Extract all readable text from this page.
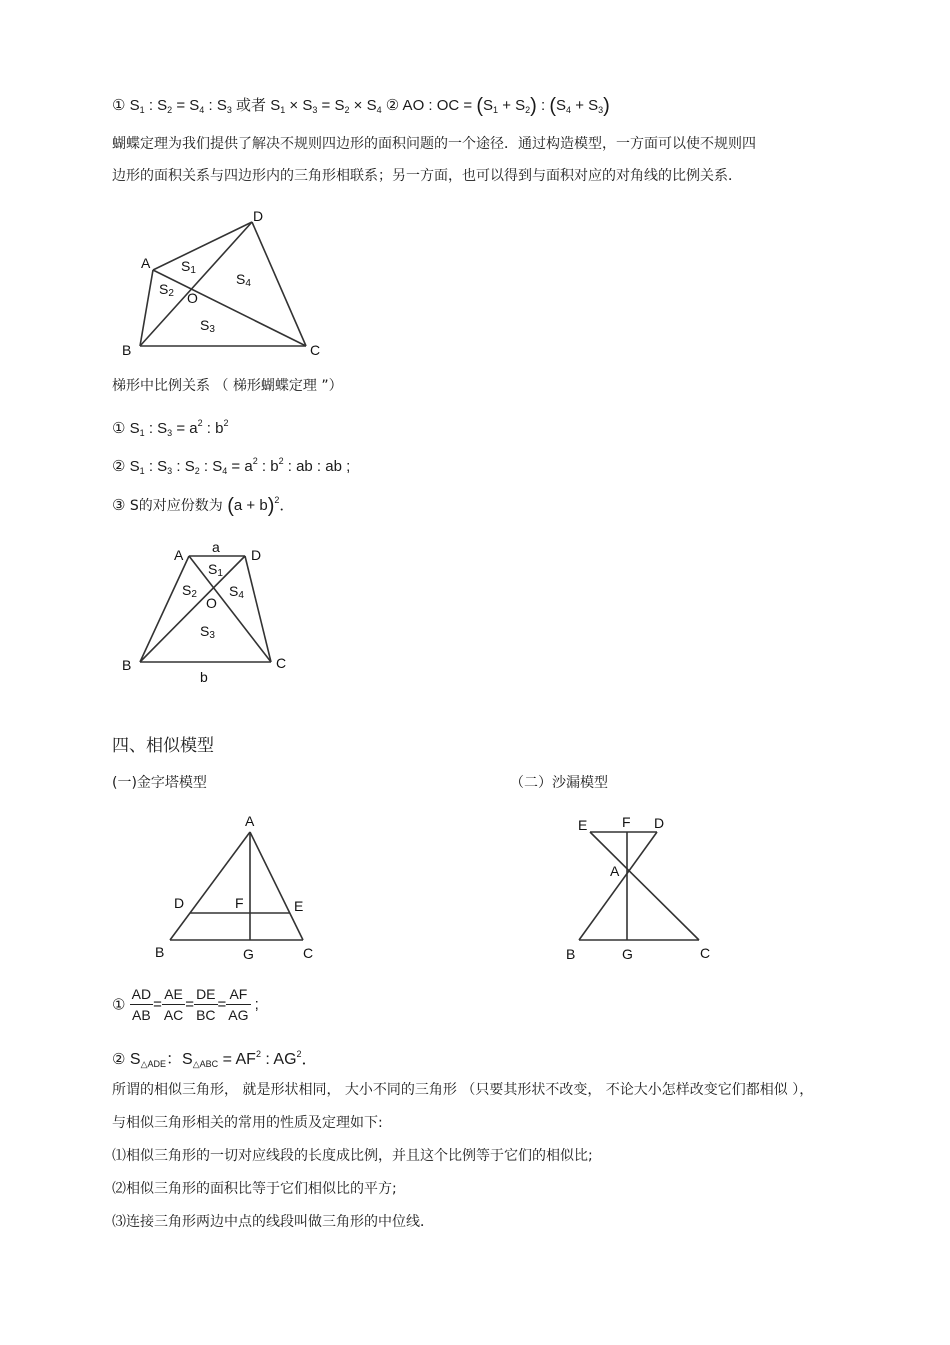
① $S_1$ : $S_2 = S_4$ : $S_3$ 或者 $S_1 \times S_3 = S_2 \times S_4$ ② AO : OC = $(S_1 + S_2)$ : $(S_4 + S_3)$
蝴蝶定理为我们提供了解决不规则四边形的面积问题的一个途径．通过构造模型，一方面可以使不规则四
边形的面积关系与四边形内的三角形相联系；另一方面，也可以得到与面积对应的对角线的比例关系．
A
D
B	C
O
S1
S2
S3
S4
梯形中比例关系 （ 梯形蝴蝶定理 ”）
① $S_1$ : $S_3 = a^2$ : $b^2$
② $S_1$ : $S_3$ : $S_2$ : $S_4 = a^2$ : $b^2$ : ab : ab ;
③ S的对应份数为 $(a + b)^2$．
A	D
a
B	C
b
O
S1
S2
S3
S4
四、相似模型
(一)金字塔模型	（二）沙漏模型
A
D	F	E
B	G	C
E F D
A
B	G	C
① $\frac{AD}{AB} = \frac{AE}{AC} = \frac{DE}{BC} = \frac{AF}{AG}$ ;
② $S_{\triangle ADE}$：$S_{\triangle ABC} = AF^2$ : $AG^2$．
所谓的相似三角形， 就是形状相同， 大小不同的三角形 （只要其形状不改变， 不论大小怎样改变它们都相似 ），
与相似三角形相关的常用的性质及定理如下:
⑴相似三角形的一切对应线段的长度成比例，并且这个比例等于它们的相似比;
⑵相似三角形的面积比等于它们相似比的平方;
⑶连接三角形两边中点的线段叫做三角形的中位线．
